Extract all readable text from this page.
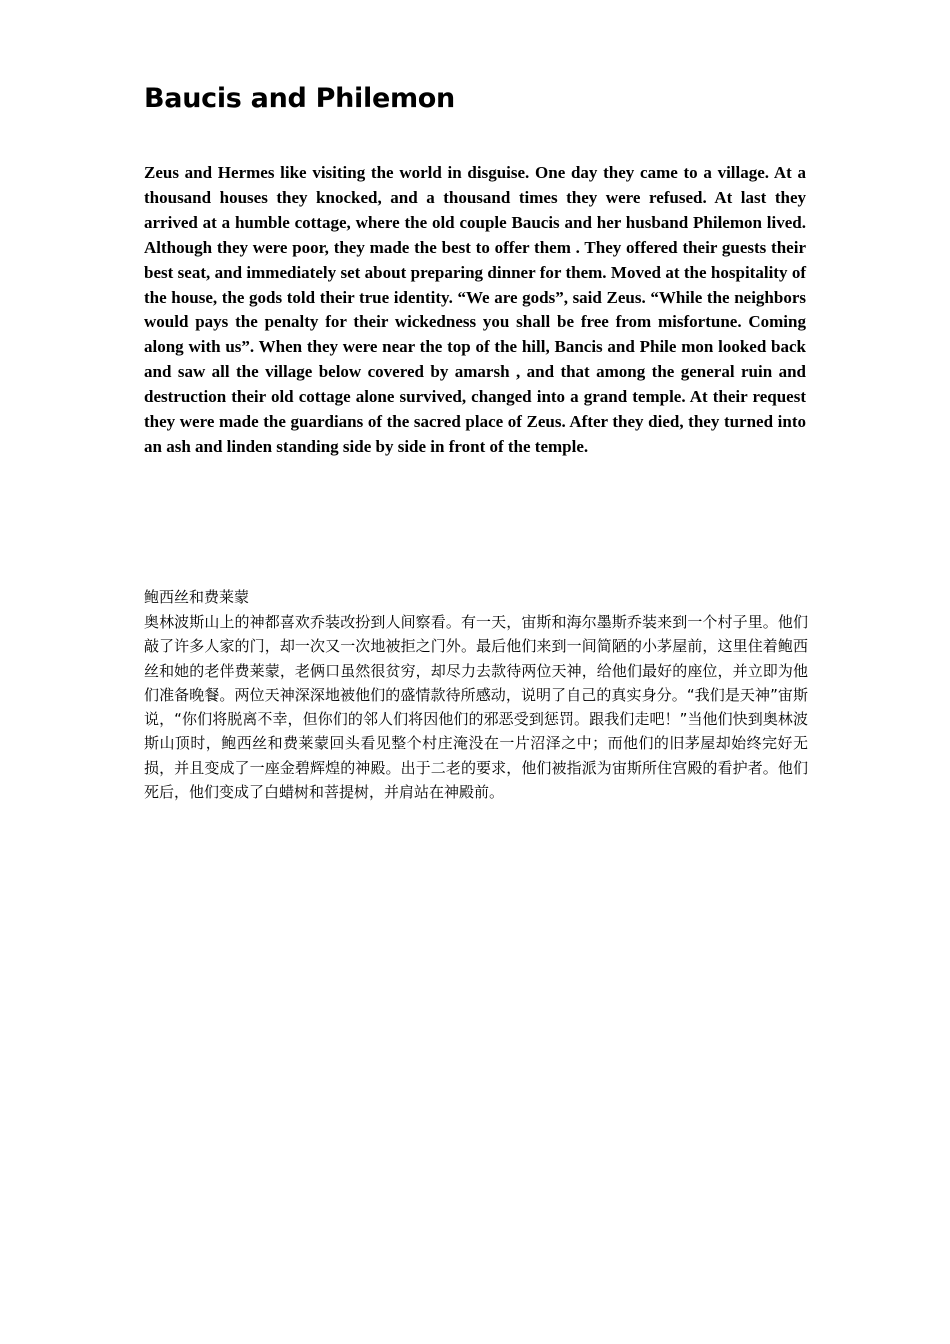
Baucis and Philemon

Zeus and Hermes like visiting the world in disguise. One day they came to a village. At a thousand houses they knocked, and a thousand times they were refused. At last they arrived at a humble cottage, where the old couple Baucis and her husband Philemon lived. Although they were poor, they made the best to offer them . They offered their guests their best seat, and immediately set about preparing dinner for them. Moved at the hospitality of the house, the gods told their true identity. “We are gods”, said Zeus. “While the neighbors would pays the penalty for their wickedness you shall be free from misfortune. Coming along with us”. When they were near the top of the hill, Bancis and Phile mon looked back and saw all the village below covered by amarsh , and that among the general ruin and destruction their old cottage alone survived, changed into a grand temple. At their request they were made the guardians of the sacred place of Zeus. After they died, they turned into an ash and linden standing side by side in front of the temple.

鲍西丝和费莱蒙

奥林波斯山上的神都喜欢乔装改扮到人间察看。有一天，宙斯和海尔墨斯乔装来到一个村子里。他们敲了许多人家的门，却一次又一次地被拒之门外。最后他们来到一间简陋的小茅屋前，这里住着鲍西丝和她的老伴费莱蒙，老俩口虽然很贫穷，却尽力去款待两位天神，给他们最好的座位，并立即为他们准备晚餐。两位天神深深地被他们的盛情款待所感动，说明了自己的真实身分。“我们是天神”宙斯说，“你们将脱离不幸，但你们的邻人们将因他们的邪恶受到惩罚。跟我们走吧！”当他们快到奥林波斯山顶时，鲍西丝和费莱蒙回头看见整个村庄淹没在一片沼泽之中；而他们的旧茅屋却始终完好无损，并且变成了一座金碧辉煌的神殿。出于二老的要求，他们被指派为宙斯所住宫殿的看护者。他们死后，他们变成了白蜡树和菩提树，并肩站在神殿前。
